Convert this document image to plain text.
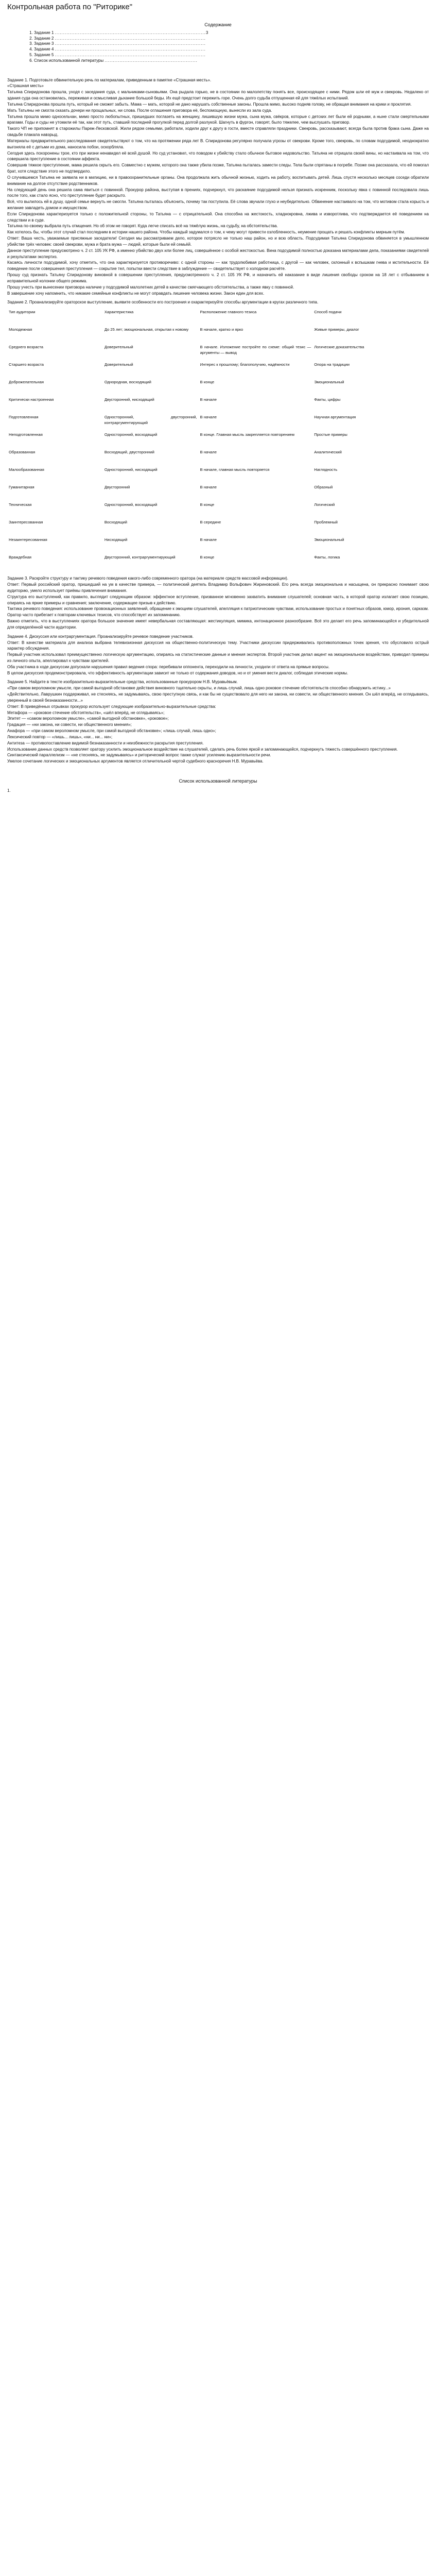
Контрольная работа по "Риторике"
Содержание
1. Задание 1 ...........................................................................................3
2. Задание 2 ...........................................................................................
3. Задание 3 ...........................................................................................
4. Задание 4 ...........................................................................................
5. Задание 5 ...........................................................................................
6. Список использованной литературы ........................................................

Задание 1. Подготовьте обвинительную речь по материалам, приведенным в памятке «Страшная месть».

«Страшная месть»

Татьяна Спиридонова прошла, уходя с заседания суда, с мальчиками-сыновьями. Она рыдала горько, не в состоянии по малолетству понять все, происходящее с ними. Рядом шли её муж и свекровь. Недалеко от здания суда она остановилась, переживая и осмысливая дыхание большой беды. Их ещё предстоит пережить горе. Очень долго судьба отпущенная ей для тяжёлых испытаний.

Татьяна Спиридонова прошла путь, который не сможет забыть. Мама — мать, которой не дано нарушать собственные законы. Прошла мимо, высоко подняв голову, не обращая внимания на крики и проклятия.

Мать Татьяны не смогла сказать дочери ни прощальных, ни слова. После оглашения приговора её, беспомощную, вынесли из зала суда.

Татьяна прошла мимо односельчан, мимо просто любопытных, пришедших поглазеть на женщину, лишившую жизни мужа, сына мужа, свёкров, которые с детских лет были ей родными, а ныне стали смертельными врагами. Годы и суды не утомили её так, как этот путь, ставший последней прогулкой перед долгой разлукой. Шагнуть в фургон, говорят, было тяжелее, чем выслушать приговор.

Такого ЧП не припомнят в старожилы Пареж-Лесковской. Жили рядом семьями, работали, ходили друг к другу в гости, вместе справляли праздники. Свекровь, рассказывают, всегда была против брака сына. Даже на свадьбе плакала навзрыд.

Материалы предварительного расследования свидетельствуют о том, что на протяжении ряда лет В. Спиридонова регулярно получала угрозы от свекрови. Кроме того, свекровь, по словам подсудимой, неоднократно выгоняла её с детьми из дома, наносила побои, оскорбляла.

Сегодня здесь похоронены трое, кто при жизни ненавидел её всей душой. Но суд установил, что поводом к убийству стало обычное бытовое недовольство. Татьяна не отрицала своей вины, но настаивала на том, что совершила преступление в состоянии аффекта.

Совершив тяжкое преступление, мама решила скрыть его. Совместно с мужем, которого она также убила позже, Татьяна пыталась замести следы. Тела были спрятаны в погребе. Позже она рассказала, что ей помогал брат, хотя следствие этого не подтвердило.

О случившемся Татьяна не заявила ни в милицию, ни в правоохранительные органы. Она продолжала жить обычной жизнью, ходить на работу, воспитывать детей. Лишь спустя несколько месяцев соседи обратили внимание на долгое отсутствие родственников.

На следующий день она решила сама явиться с повинной. Прокурор района, выступая в прениях, подчеркнул, что раскаяние подсудимой нельзя признать искренним, поскольку явка с повинной последовала лишь после того, как стало ясно, что преступление будет раскрыто.

Всё, что вылилось ей в душу, одной семье вернуть не смогли. Татьяна пыталась объяснить, почему так поступила. Её слова звучали глухо и неубедительно. Обвинение настаивало на том, что мотивом стала корысть и желание завладеть домом и имуществом.

Если Спиридонова характеризуется только с положительной стороны, то Татьяна — с отрицательной. Она способна на жестокость, хладнокровна, лжива и изворотлива, что подтверждается её поведением на следствии и в суде.

Татьяна по-своему выбрала путь отмщения. Но об этом не говорят. Куда легче списать всё на тяжёлую жизнь, на судьбу, на обстоятельства.

Как хотелось бы, чтобы этот случай стал последним в истории нашего района. Чтобы каждый задумался о том, к чему могут привести озлобленность, неумение прощать и решать конфликты мирным путём.

Ответ: Ваша честь, уважаемые присяжные заседатели! Сегодня мы рассматриваем дело, которое потрясло не только наш район, но и всю область. Подсудимая Татьяна Спиридонова обвиняется в умышленном убийстве трёх человек: своей свекрови, мужа и брата мужа — людей, которые были ей семьёй.

Данное преступление предусмотрено ч. 2 ст. 105 УК РФ, а именно убийство двух или более лиц, совершённое с особой жестокостью. Вина подсудимой полностью доказана материалами дела, показаниями свидетелей и результатами экспертиз.

Касаясь личности подсудимой, хочу отметить, что она характеризуется противоречиво: с одной стороны — как трудолюбивая работница, с другой — как человек, склонный к вспышкам гнева и мстительности. Её поведение после совершения преступления — сокрытие тел, попытки ввести следствие в заблуждение — свидетельствует о холодном расчёте.

Прошу суд признать Татьяну Спиридонову виновной в совершении преступления, предусмотренного ч. 2 ст. 105 УК РФ, и назначить ей наказание в виде лишения свободы сроком на 18 лет с отбыванием в исправительной колонии общего режима.

Прошу учесть при вынесении приговора наличие у подсудимой малолетних детей в качестве смягчающего обстоятельства, а также явку с повинной.

В завершение хочу напомнить, что никакие семейные конфликты не могут оправдать лишение человека жизни. Закон един для всех.

Задание 2. Проанализируйте ораторское выступление, выявите особенности его построения и охарактеризуйте способы аргументации в кругах различного типа.

Тип аудитории	Характеристика	Расположение главного тезиса	Способ подачи
Молодежная	До 25 лет; эмоциональная, открытая к новому	В начале, кратко и ярко	Живые примеры, диалог
Среднего возраста	Доверительный	В начале. Изложение постройте по схеме: общий тезис — аргументы — вывод	Логические доказательства
Старшего возраста	Доверительный	Интерес к прошлому; благополучию, надёжности	Опора на традиции
Доброжелательная	Однородная, восходящий	В конце	Эмоциональный
Критически настроенная	Двусторонний, нисходящий	В начале	Факты, цифры
Подготовленная	Односторонний, двусторонний, контраргументирующий	В начале	Научная аргументация
Неподготовленная	Односторонний, восходящий	В конце. Главная мысль закрепляется повторением	Простые примеры
Образованная	Восходящий, двусторонний	В начале	Аналитический
Малообразованная	Односторонний, нисходящий	В начале, главная мысль повторяется	Наглядность
Гуманитарная	Двусторонний	В начале	Образный
Техническая	Односторонний, восходящий	В конце	Логический
Заинтересованная	Восходящий	В середине	Проблемный
Незаинтересованная	Нисходящий	В начале	Эмоциональный
Враждебная	Двусторонний, контраргументирующий	В конце	Факты, логика

Задание 3. Раскройте структуру и тактику речевого поведения какого-либо современного оратора (на материале средств массовой информации).

Ответ: Первый российский оратор, пришедший на ум в качестве примера, — политический деятель Владимир Вольфович Жириновский. Его речь всегда эмоциональна и насыщена, он прекрасно понимает свою аудиторию, умело использует приёмы привлечения внимания.

Структура его выступлений, как правило, выглядит следующим образом: эффектное вступление, призванное мгновенно захватить внимание слушателей; основная часть, в которой оратор излагает свою позицию, опираясь на яркие примеры и сравнения; заключение, содержащее призыв к действию.

Тактика речевого поведения: использование провокационных заявлений, обращение к эмоциям слушателей, апелляция к патриотическим чувствам, использование простых и понятных образов, юмор, ирония, сарказм. Оратор часто прибегает к повторам ключевых тезисов, что способствует их запоминанию.

Важно отметить, что в выступлениях оратора большое значение имеет невербальная составляющая: жестикуляция, мимика, интонационное разнообразие. Всё это делает его речь запоминающейся и убедительной для определённой части аудитории.

Задание 4. Дискуссия или контраргументация. Проанализируйте речевое поведение участников.

Ответ: В качестве материала для анализа выбрана телевизионная дискуссия на общественно-политическую тему. Участники дискуссии придерживались противоположных точек зрения, что обусловило острый характер обсуждения.

Первый участник использовал преимущественно логическую аргументацию, опираясь на статистические данные и мнения экспертов. Второй участник делал акцент на эмоциональном воздействии, приводил примеры из личного опыта, апеллировал к чувствам зрителей.

Оба участника в ходе дискуссии допускали нарушения правил ведения спора: перебивали оппонента, переходили на личности, уходили от ответа на прямые вопросы.

В целом дискуссия продемонстрировала, что эффективность аргументации зависит не только от содержания доводов, но и от умения вести диалог, соблюдая этические нормы.

Задание 5. Найдите в тексте изобразительно-выразительные средства, использованные прокурором Н.В. Муравьёвым.

«При самом вероломном умысле, при самой выгодной обстановке действия виновного тщательно скрыты, и лишь случай, лишь одно роковое стечение обстоятельств способно обнаружить истину...»

«Действительно, Лаврушкин поддерживал, не стесняясь, не задумываясь, свою преступную связь, и как бы не существовало для него ни закона, ни совести, ни общественного мнения. Он шёл вперёд, не оглядываясь, уверенный в своей безнаказанности...»

Ответ: В приведённых отрывках прокурор использует следующие изобразительно-выразительные средства:

Метафора — «роковое стечение обстоятельств», «шёл вперёд, не оглядываясь»;

Эпитет — «самом вероломном умысле», «самой выгодной обстановке», «роковое»;

Градация — «ни закона, ни совести, ни общественного мнения»;

Анафора — «при самом вероломном умысле, при самой выгодной обстановке»; «лишь случай, лишь одно»;

Лексический повтор — «лишь... лишь», «ни... ни... ни»;

Антитеза — противопоставление видимой безнаказанности и неизбежности раскрытия преступления.

Использование данных средств позволяет оратору усилить эмоциональное воздействие на слушателей, сделать речь более яркой и запоминающейся, подчеркнуть тяжесть совершённого преступления.

Синтаксический параллелизм — «не стесняясь, не задумываясь» и риторический вопрос также служат усилению выразительности речи.

Умелое сочетание логических и эмоциональных аргументов является отличительной чертой судебного красноречия Н.В. Муравьёва.

Список использованной литературы
1.
